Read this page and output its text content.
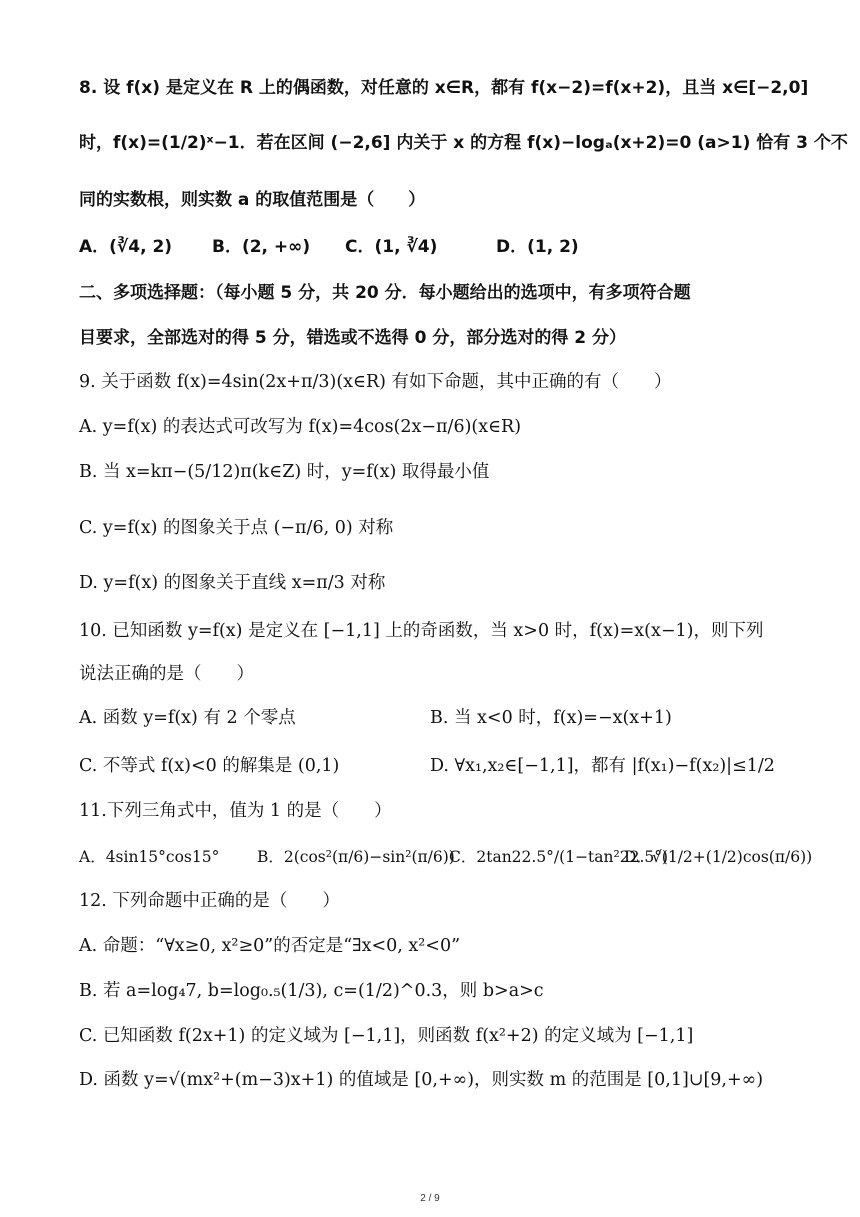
8. 设 f(x) 是定义在 R 上的偶函数，对任意的 x∈R，都有 f(x−2)=f(x+2)，且当 x∈[−2,0]
时，f(x)=(1/2)ˣ−1．若在区间 (−2,6] 内关于 x 的方程 f(x)−logₐ(x+2)=0 (a>1) 恰有 3 个不
同的实数根，则实数 a 的取值范围是（　　）
A．(∛4, 2) B．(2, +∞) C．(1, ∛4)	D．(1, 2)
二、多项选择题：（每小题 5 分，共 20 分．每小题给出的选项中，有多项符合题
目要求，全部选对的得 5 分，错选或不选得 0 分，部分选对的得 2 分）
9. 关于函数 f(x)=4sin(2x+π/3)(x∈R) 有如下命题，其中正确的有（　　）
A. y=f(x) 的表达式可改写为 f(x)=4cos(2x−π/6)(x∈R)
B. 当 x=kπ−(5/12)π(k∈Z) 时，y=f(x) 取得最小值
C. y=f(x) 的图象关于点 (−π/6, 0) 对称
D. y=f(x) 的图象关于直线 x=π/3 对称
10. 已知函数 y=f(x) 是定义在 [−1,1] 上的奇函数，当 x>0 时，f(x)=x(x−1)，则下列
说法正确的是（　　）
A. 函数 y=f(x) 有 2 个零点	B. 当 x<0 时，f(x)=−x(x+1)
C. 不等式 f(x)<0 的解集是 (0,1)	D. ∀x₁,x₂∈[−1,1]，都有 |f(x₁)−f(x₂)|≤1/2
11.下列三角式中，值为 1 的是（　　）
A．4sin15°cos15° B．2(cos²(π/6)−sin²(π/6))
C．2tan22.5°/(1−tan²22.5°)
D．√(1/2+(1/2)cos(π/6))
12. 下列命题中正确的是（　　）
A. 命题：“∀x≥0, x²≥0”的否定是“∃x<0, x²<0”
B. 若 a=log₄7, b=log₀.₅(1/3), c=(1/2)^0.3，则 b>a>c
C. 已知函数 f(2x+1) 的定义域为 [−1,1]，则函数 f(x²+2) 的定义域为 [−1,1]
D. 函数 y=√(mx²+(m−3)x+1) 的值域是 [0,+∞)，则实数 m 的范围是 [0,1]∪[9,+∞)
2 / 9
